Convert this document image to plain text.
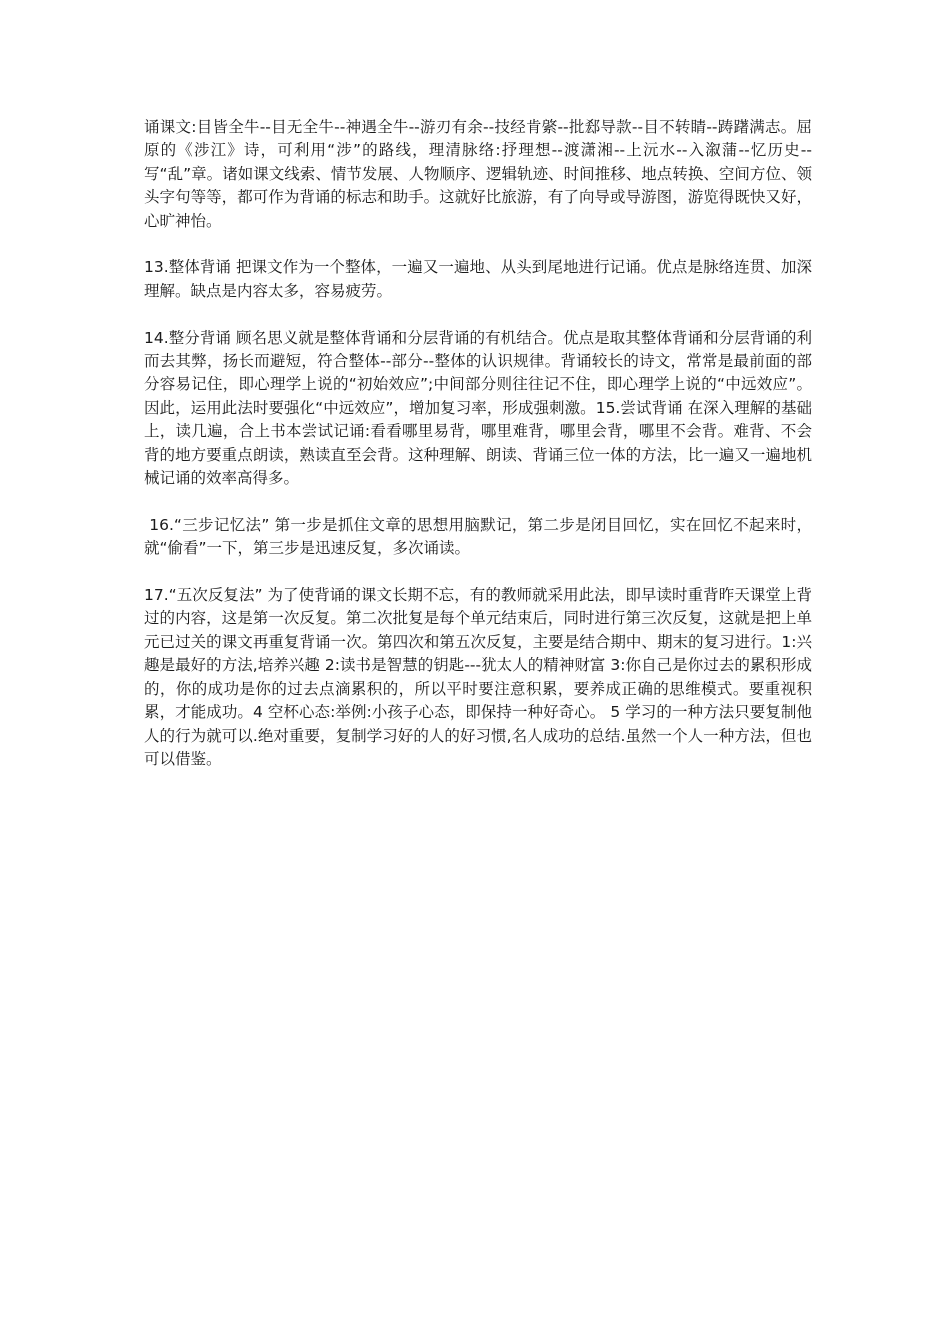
诵课文:目皆全牛--目无全牛--神遇全牛--游刃有余--技经肯綮--批郄导款--目不转睛--踌躇满志。屈原的《涉江》诗，可利用“涉”的路线，理清脉络:抒理想--渡潇湘--上沅水--入溆蒲--忆历史--写“乱”章。诸如课文线索、情节发展、人物顺序、逻辑轨迹、时间推移、地点转换、空间方位、领头字句等等，都可作为背诵的标志和助手。这就好比旅游，有了向导或导游图，游览得既快又好，心旷神怡。

13.整体背诵 把课文作为一个整体，一遍又一遍地、从头到尾地进行记诵。优点是脉络连贯、加深理解。缺点是内容太多，容易疲劳。

14.整分背诵 顾名思义就是整体背诵和分层背诵的有机结合。优点是取其整体背诵和分层背诵的利而去其弊，扬长而避短，符合整体--部分--整体的认识规律。背诵较长的诗文，常常是最前面的部分容易记住，即心理学上说的“初始效应”;中间部分则往往记不住，即心理学上说的“中远效应”。因此，运用此法时要强化“中远效应”，增加复习率，形成强刺激。15.尝试背诵 在深入理解的基础上，读几遍，合上书本尝试记诵:看看哪里易背，哪里难背，哪里会背，哪里不会背。难背、不会背的地方要重点朗读，熟读直至会背。这种理解、朗读、背诵三位一体的方法，比一遍又一遍地机械记诵的效率高得多。

16.“三步记忆法” 第一步是抓住文章的思想用脑默记，第二步是闭目回忆，实在回忆不起来时，就“偷看”一下，第三步是迅速反复，多次诵读。

17.“五次反复法” 为了使背诵的课文长期不忘，有的教师就采用此法，即早读时重背昨天课堂上背过的内容，这是第一次反复。第二次批复是每个单元结束后，同时进行第三次反复，这就是把上单元已过关的课文再重复背诵一次。第四次和第五次反复，主要是结合期中、期末的复习进行。1:兴趣是最好的方法,培养兴趣 2:读书是智慧的钥匙---犹太人的精神财富 3:你自己是你过去的累积形成的，你的成功是你的过去点滴累积的，所以平时要注意积累，要养成正确的思维模式。要重视积累，才能成功。4 空杯心态:举例:小孩子心态，即保持一种好奇心。 5 学习的一种方法只要复制他人的行为就可以.绝对重要，复制学习好的人的好习惯,名人成功的总结.虽然一个人一种方法，但也可以借鉴。
